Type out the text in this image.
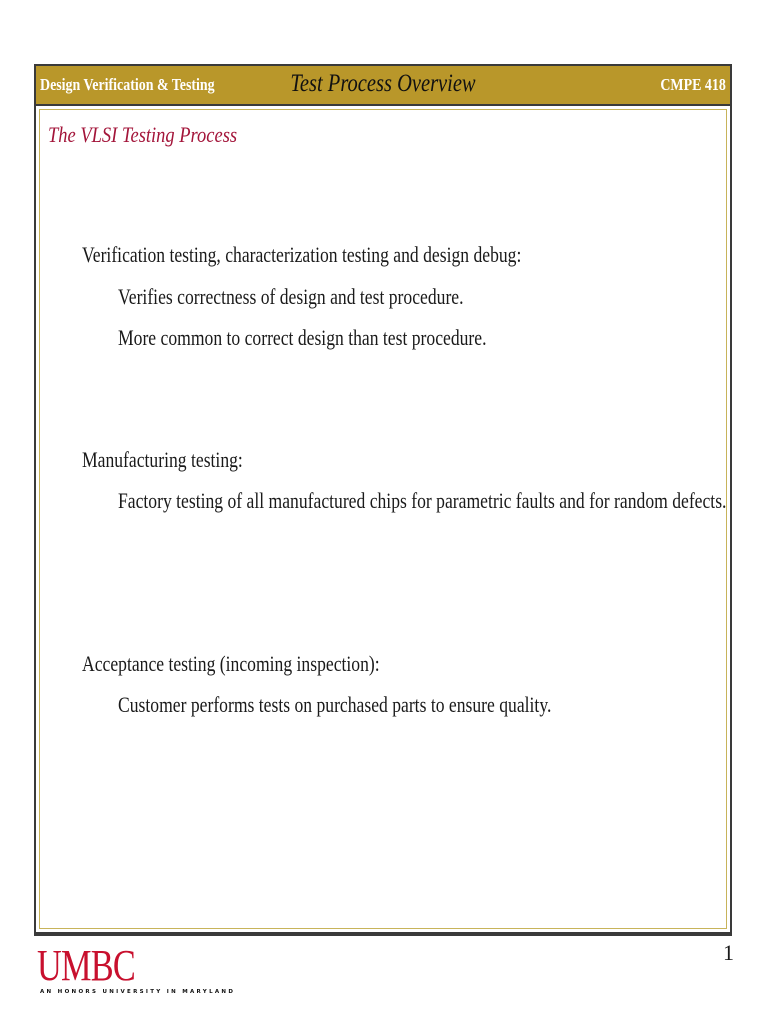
Design Verification & Testing	Test Process Overview	CMPE 418
The VLSI Testing Process
Verification testing, characterization testing and design debug:
Verifies correctness of design and test procedure.
More common to correct design than test procedure.
Manufacturing testing:
Factory testing of all manufactured chips for parametric faults and for random defects.
Acceptance testing (incoming inspection):
Customer performs tests on purchased parts to ensure quality.
UMBC
AN HONORS UNIVERSITY IN MARYLAND
1
